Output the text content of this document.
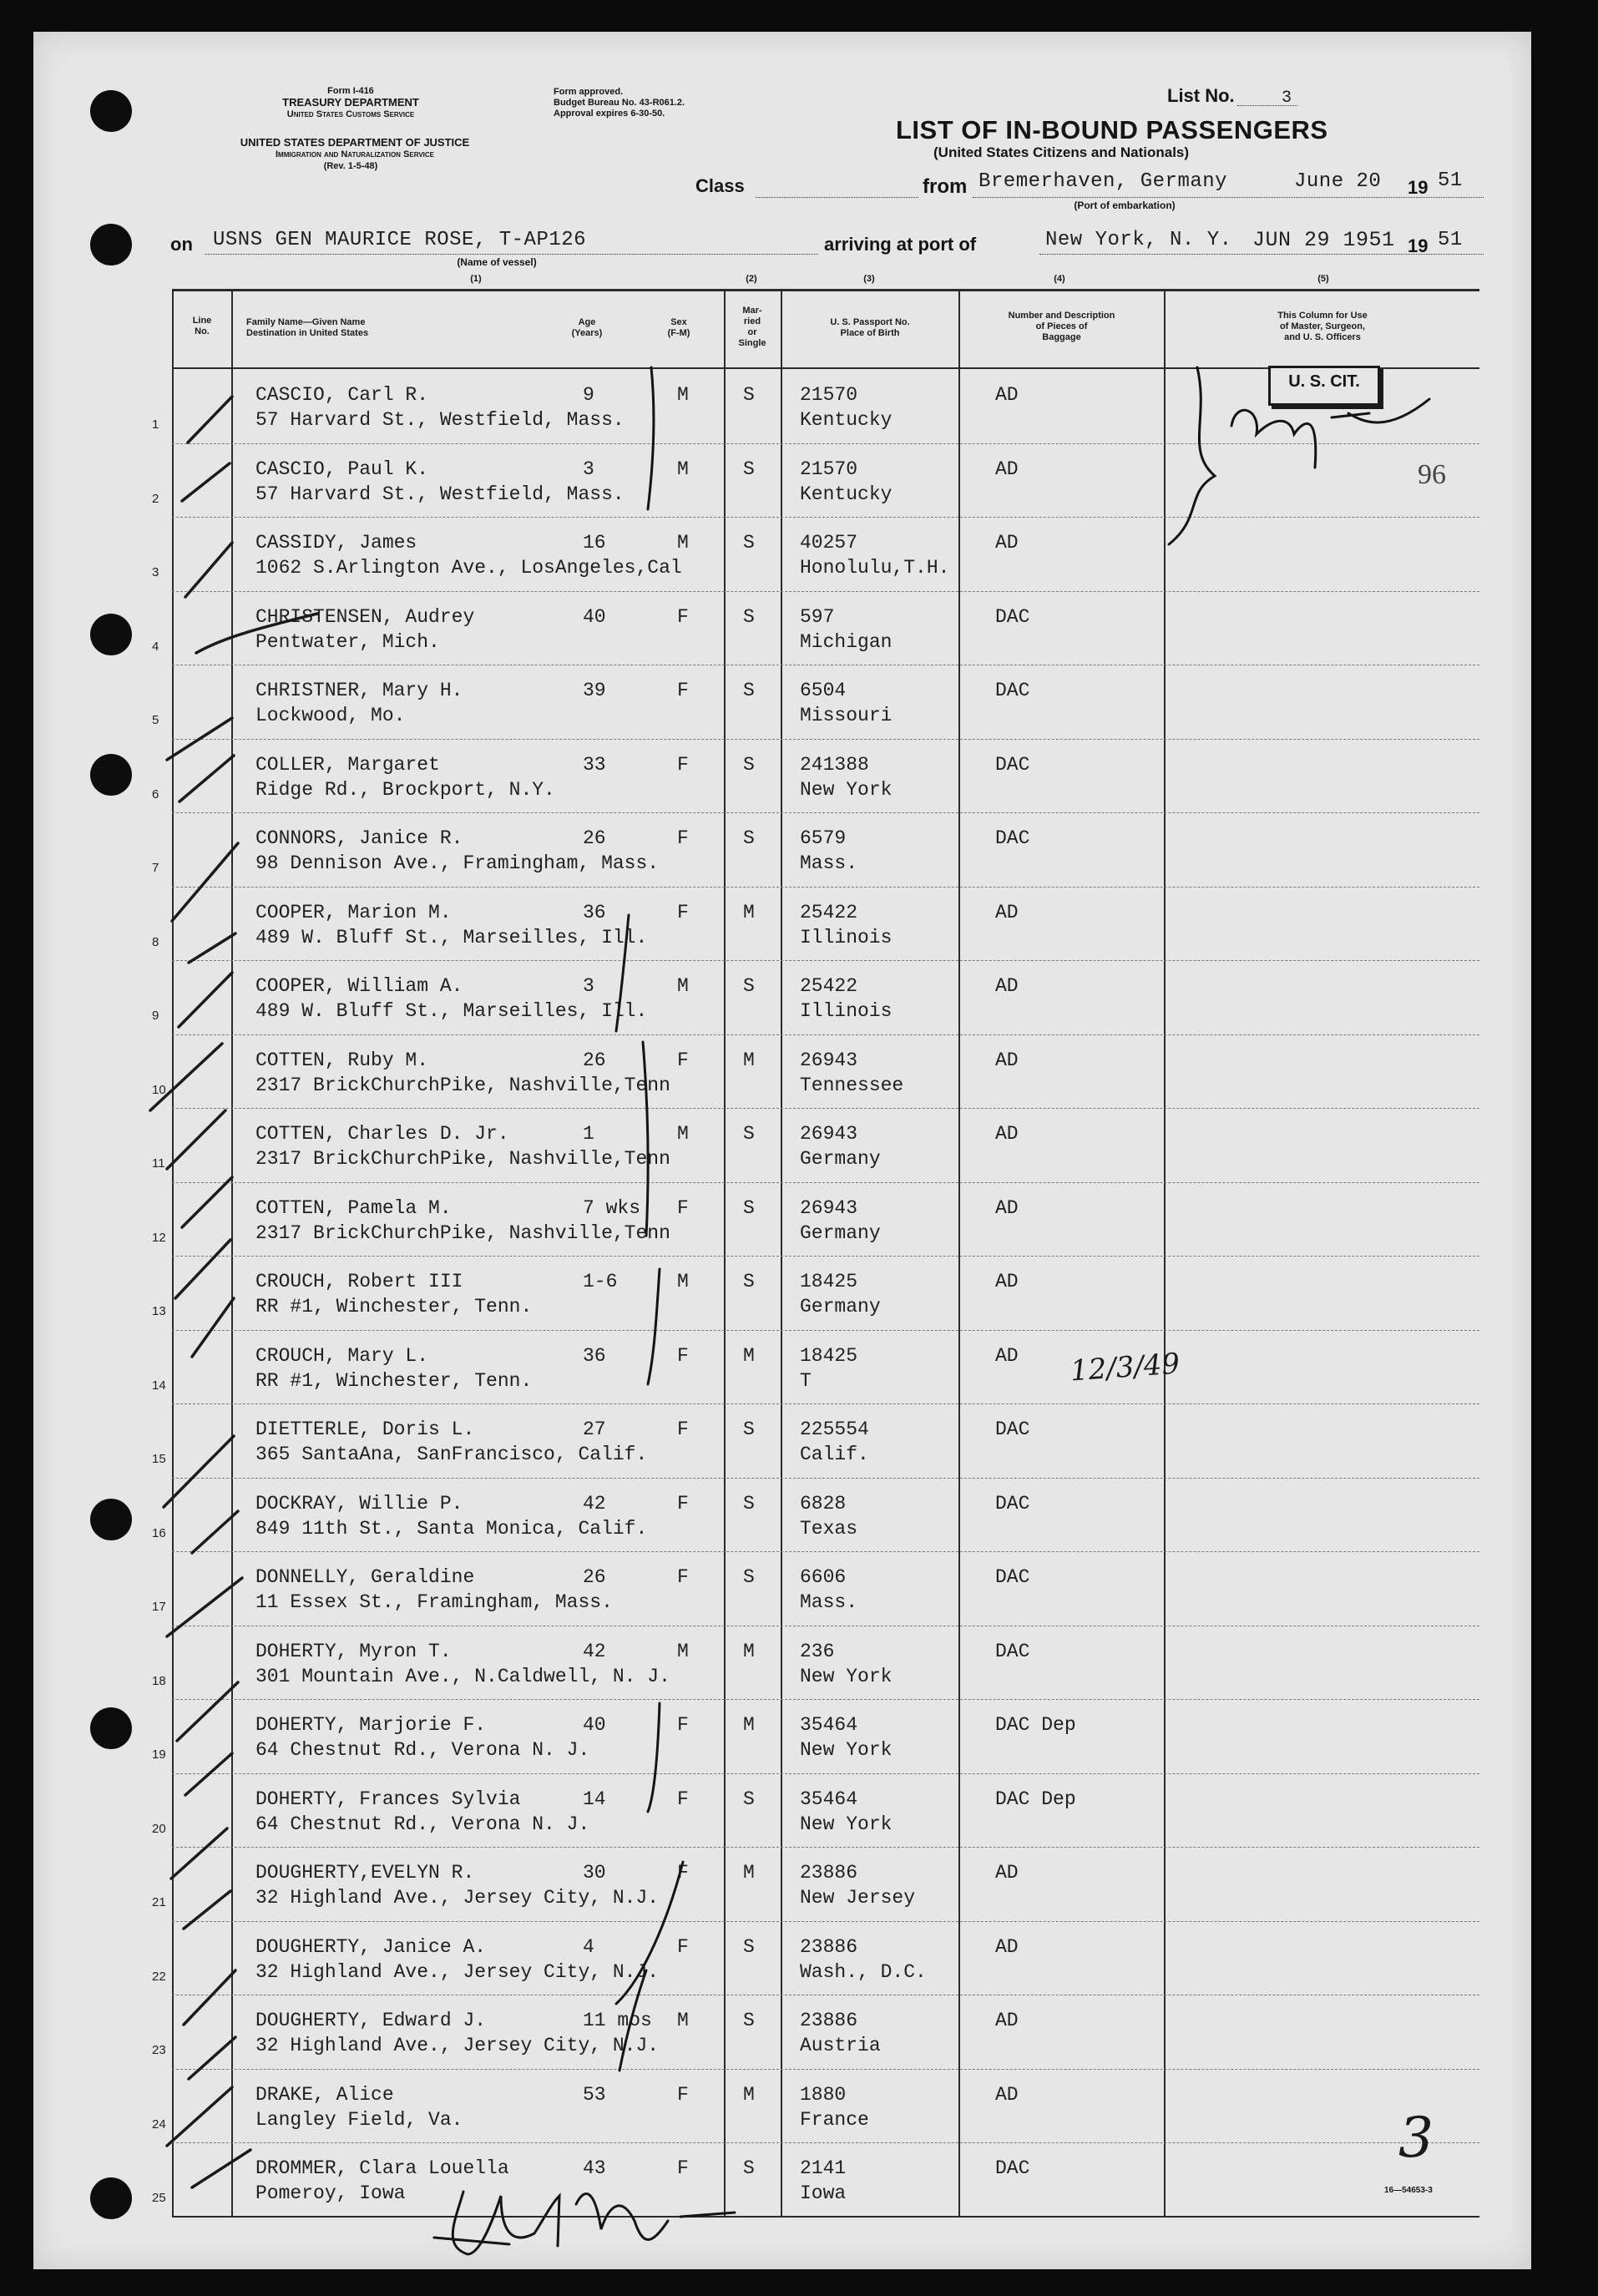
Form I-416
TREASURY DEPARTMENT
United States Customs Service
UNITED STATES DEPARTMENT OF JUSTICE
Immigration and Naturalization Service
(Rev. 1-5-48)
Form approved.
Budget Bureau No. 43-R061.2.
Approval expires 6-30-50.
List No.	3
LIST OF IN-BOUND PASSENGERS
(United States Citizens and Nationals)
Class	from Bremerhaven, Germany	June 20 19 51
(Port of embarkation)
on USNS GEN MAURICE ROSE, T-AP126
(Name of vessel)
arriving at port of	New York, N. Y. JUN 29 1951 19 51
(1)	(2)	(3)	(4)	(5)
Line
No.
Family Name—Given Name
Destination in United States
Age
(Years)
Sex
(F-M)
Mar-
ried
or
Single
U. S. Passport No.
Place of Birth
Number and Description
of Pieces of
Baggage
This Column for Use
of Master, Surgeon,
and U. S. Officers
1
CASCIO, Carl R.
57 Harvard St., Westfield, Mass.
9	M	S 21570
Kentucky
AD
2
CASCIO, Paul K.
57 Harvard St., Westfield, Mass.
3	M	S 21570
Kentucky
AD
3
CASSIDY, James
1062 S.Arlington Ave., LosAngeles,Cal
16	M	S 40257
Honolulu,T.H.
AD
4
CHRISTENSEN, Audrey
Pentwater, Mich.
40	F	S 597
Michigan
DAC
5
CHRISTNER, Mary H.
Lockwood, Mo.
39	F	S 6504
Missouri
DAC
6
COLLER, Margaret
Ridge Rd., Brockport, N.Y.
33	F	S 241388
New York
DAC
7
CONNORS, Janice R.
98 Dennison Ave., Framingham, Mass.
26	F	S 6579
Mass.
DAC
8
COOPER, Marion M.
489 W. Bluff St., Marseilles, Ill.
36	F	M 25422
Illinois
AD
9
COOPER, William A.
489 W. Bluff St., Marseilles, Ill.
3	M	S 25422
Illinois
AD
10
COTTEN, Ruby M.
2317 BrickChurchPike, Nashville,Tenn
26	F	M 26943
Tennessee
AD
11
COTTEN, Charles D. Jr.
2317 BrickChurchPike, Nashville,Tenn
1	M	S 26943
Germany
AD
12
COTTEN, Pamela M.
2317 BrickChurchPike, Nashville,Tenn
7 wks F	S 26943
Germany
AD
13
CROUCH, Robert III
RR #1, Winchester, Tenn.
1-6	M	S 18425
Germany
AD
14
CROUCH, Mary L.
RR #1, Winchester, Tenn.
36	F	M 18425
T
AD
15
DIETTERLE, Doris L.
365 SantaAna, SanFrancisco, Calif.
27	F	S 225554
Calif.
DAC
16
DOCKRAY, Willie P.
849 11th St., Santa Monica, Calif.
42	F	S 6828
Texas
DAC
17
DONNELLY, Geraldine
11 Essex St., Framingham, Mass.
26	F	S 6606
Mass.
DAC
18
DOHERTY, Myron T.
301 Mountain Ave., N.Caldwell, N. J.
42	M	M 236
New York
DAC
19
DOHERTY, Marjorie F.
64 Chestnut Rd., Verona N. J.
40	F	M 35464
New York
DAC Dep
20
DOHERTY, Frances Sylvia
64 Chestnut Rd., Verona N. J.
14	F	S 35464
New York
DAC Dep
21
DOUGHERTY,EVELYN R.
32 Highland Ave., Jersey City, N.J.
30	F	M 23886
New Jersey
AD
22
DOUGHERTY, Janice A.
32 Highland Ave., Jersey City, N.J.
4	F	S 23886
Wash., D.C.
AD
23
DOUGHERTY, Edward J.
32 Highland Ave., Jersey City, N.J.
11 mos M	S 23886
Austria
AD
24
DRAKE, Alice
Langley Field, Va.
53	F	M 1880
France
AD
25
DROMMER, Clara Louella
Pomeroy, Iowa
43	F	S 2141
Iowa
DAC
U. S. CIT.
96
12/3/49
3
16—54653-3
